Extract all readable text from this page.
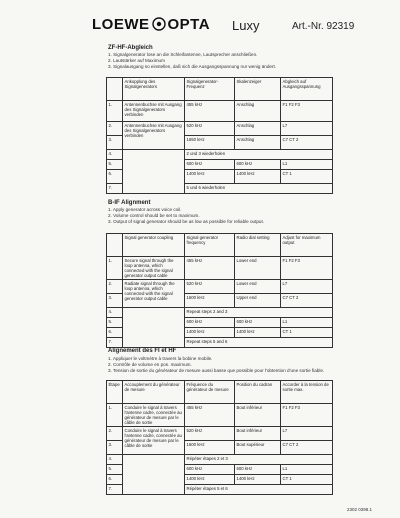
LOEWE OPTA Luxy	Art.-Nr. 92319
ZF-HF-Abgleich
1. Signalgenerator lose an die Schleifantenne, Lautsprecher anschließen.
2. Lautstärker auf Maximum
3. Signalausgang so einstellen, daß sich die Ausgangsspannung nur wenig ändert.
	Ankopplung des Signalgenerators	Signalgenerator-Frequenz	Skalenzeiger	Abgleich auf Ausgangsspannung
1.	Antennenbuchse mit Ausgang des Signalgenerators verbinden	455 kHz	Anschlag	F1 F2 F3
2.	Antennenbuchse mit Ausgang des Signalgenerators verbinden	520 kHz	Anschlag	L7
3.		1650 kHz	Anschlag	C7 CT 2
4.		2 und 3 wiederholen		
5.		600 kHz	600 kHz	L1
6.		1400 kHz	1400 kHz	CT 1
7.		5 und 6 wiederholen		
B-IF Alignment
1. Apply generator across voice coil.
2. Volume control should be set to maximum.
3. Output of signal generator should be as low as possible for reliable output.
	Signal generator coupling	Signal generator frequency	Radio dial setting	Adjust for maximum output
1.	Secure signal through the loop antenna, which connected with the signal generator output cable	455 kHz	Lower end	F1 F2 F3
2.	Radiate signal through the loop antenna, which connected with the signal generator output cable	520 kHz	Lower end	L7
3.		1600 kHz	Upper end	C7 CT 2
4.		Repeat steps 2 and 3		
5.		600 kHz	600 kHz	L1
6.		1400 kHz	1400 kHz	CT 1
7.		Repeat steps 5 and 6		
Alignement des FI et HF
1. Appliquer le voltmètre à travers la bobine mobile.
2. Contrôle de volume en pos. maximum.
3. Tension de sortie du générateur de mesure aussi basse que possible pour l'obtention d'une sortie fiable.
Étape	Accouplement du générateur de mesure	Fréquence du générateur de mesure	Position du cadran	Accorder à la tension de sortie max.
1.	Conduire le signal à travers l'antenne cadre, connectée au générateur de mesure par le câble de sortie	455 kHz	Bout inférieur	F1 F2 F3
2.	Conduire le signal à travers l'antenne cadre, connectée au générateur de mesure par le câble de sortie	520 kHz	Bout inférieur	L7
3.		1600 kHz	Bout supérieur	C7 CT 2
4.		Répéter étapes 2 et 3		
5.		600 kHz	600 kHz	L1
6.		1400 kHz	1400 kHz	CT 1
7.		Répéter étapes 5 et 6		
2302 0398.1
